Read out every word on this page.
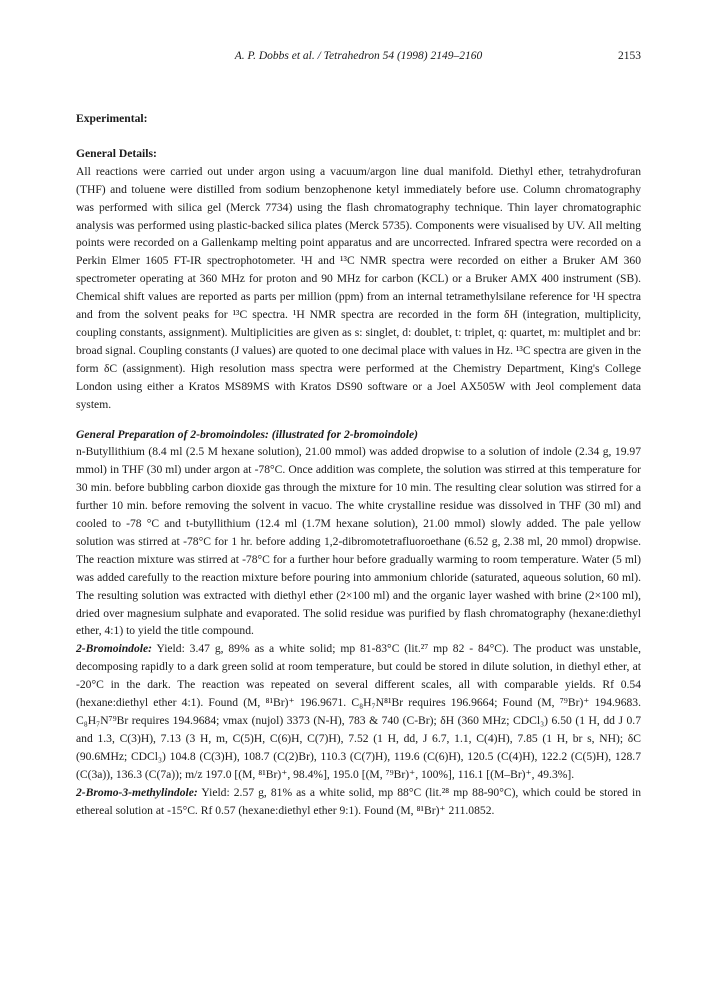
A. P. Dobbs et al. / Tetrahedron 54 (1998) 2149–2160	2153

Experimental:

General Details:

All reactions were carried out under argon using a vacuum/argon line dual manifold. Diethyl ether, tetrahydrofuran (THF) and toluene were distilled from sodium benzophenone ketyl immediately before use. Column chromatography was performed with silica gel (Merck 7734) using the flash chromatography technique. Thin layer chromatographic analysis was performed using plastic-backed silica plates (Merck 5735). Components were visualised by UV. All melting points were recorded on a Gallenkamp melting point apparatus and are uncorrected. Infrared spectra were recorded on a Perkin Elmer 1605 FT-IR spectrophotometer. ¹H and ¹³C NMR spectra were recorded on either a Bruker AM 360 spectrometer operating at 360 MHz for proton and 90 MHz for carbon (KCL) or a Bruker AMX 400 instrument (SB). Chemical shift values are reported as parts per million (ppm) from an internal tetramethylsilane reference for ¹H spectra and from the solvent peaks for ¹³C spectra. ¹H NMR spectra are recorded in the form δH (integration, multiplicity, coupling constants, assignment). Multiplicities are given as s: singlet, d: doublet, t: triplet, q: quartet, m: multiplet and br: broad signal. Coupling constants (J values) are quoted to one decimal place with values in Hz. ¹³C spectra are given in the form δC (assignment). High resolution mass spectra were performed at the Chemistry Department, King's College London using either a Kratos MS89MS with Kratos DS90 software or a Joel AX505W with Jeol complement data system.

General Preparation of 2-bromoindoles: (illustrated for 2-bromoindole)

n-Butyllithium (8.4 ml (2.5 M hexane solution), 21.00 mmol) was added dropwise to a solution of indole (2.34 g, 19.97 mmol) in THF (30 ml) under argon at -78°C. Once addition was complete, the solution was stirred at this temperature for 30 min. before bubbling carbon dioxide gas through the mixture for 10 min. The resulting clear solution was stirred for a further 10 min. before removing the solvent in vacuo. The white crystalline residue was dissolved in THF (30 ml) and cooled to -78 °C and t-butyllithium (12.4 ml (1.7M hexane solution), 21.00 mmol) slowly added. The pale yellow solution was stirred at -78°C for 1 hr. before adding 1,2-dibromotetrafluoroethane (6.52 g, 2.38 ml, 20 mmol) dropwise. The reaction mixture was stirred at -78°C for a further hour before gradually warming to room temperature. Water (5 ml) was added carefully to the reaction mixture before pouring into ammonium chloride (saturated, aqueous solution, 60 ml). The resulting solution was extracted with diethyl ether (2×100 ml) and the organic layer washed with brine (2×100 ml), dried over magnesium sulphate and evaporated. The solid residue was purified by flash chromatography (hexane:diethyl ether, 4:1) to yield the title compound.

2-Bromoindole: Yield: 3.47 g, 89% as a white solid; mp 81-83°C (lit.²⁷ mp 82 - 84°C). The product was unstable, decomposing rapidly to a dark green solid at room temperature, but could be stored in dilute solution, in diethyl ether, at -20°C in the dark. The reaction was repeated on several different scales, all with comparable yields. Rf 0.54 (hexane:diethyl ether 4:1). Found (M, ⁸¹Br)⁺ 196.9671. C₈H₇N⁸¹Br requires 196.9664; Found (M, ⁷⁹Br)⁺ 194.9683. C₈H₇N⁷⁹Br requires 194.9684; νmax (nujol) 3373 (N-H), 783 & 740 (C-Br); δH (360 MHz; CDCl₃) 6.50 (1 H, dd J 0.7 and 1.3, C(3)H), 7.13 (3 H, m, C(5)H, C(6)H, C(7)H), 7.52 (1 H, dd, J 6.7, 1.1, C(4)H), 7.85 (1 H, br s, NH); δC (90.6MHz; CDCl₃) 104.8 (C(3)H), 108.7 (C(2)Br), 110.3 (C(7)H), 119.6 (C(6)H), 120.5 (C(4)H), 122.2 (C(5)H), 128.7 (C(3a)), 136.3 (C(7a)); m/z 197.0 [(M, ⁸¹Br)⁺, 98.4%], 195.0 [(M, ⁷⁹Br)⁺, 100%], 116.1 [(M–Br)⁺, 49.3%].

2-Bromo-3-methylindole: Yield: 2.57 g, 81% as a white solid, mp 88°C (lit.²⁸ mp 88-90°C), which could be stored in ethereal solution at -15°C. Rf 0.57 (hexane:diethyl ether 9:1). Found (M, ⁸¹Br)⁺ 211.0852.
